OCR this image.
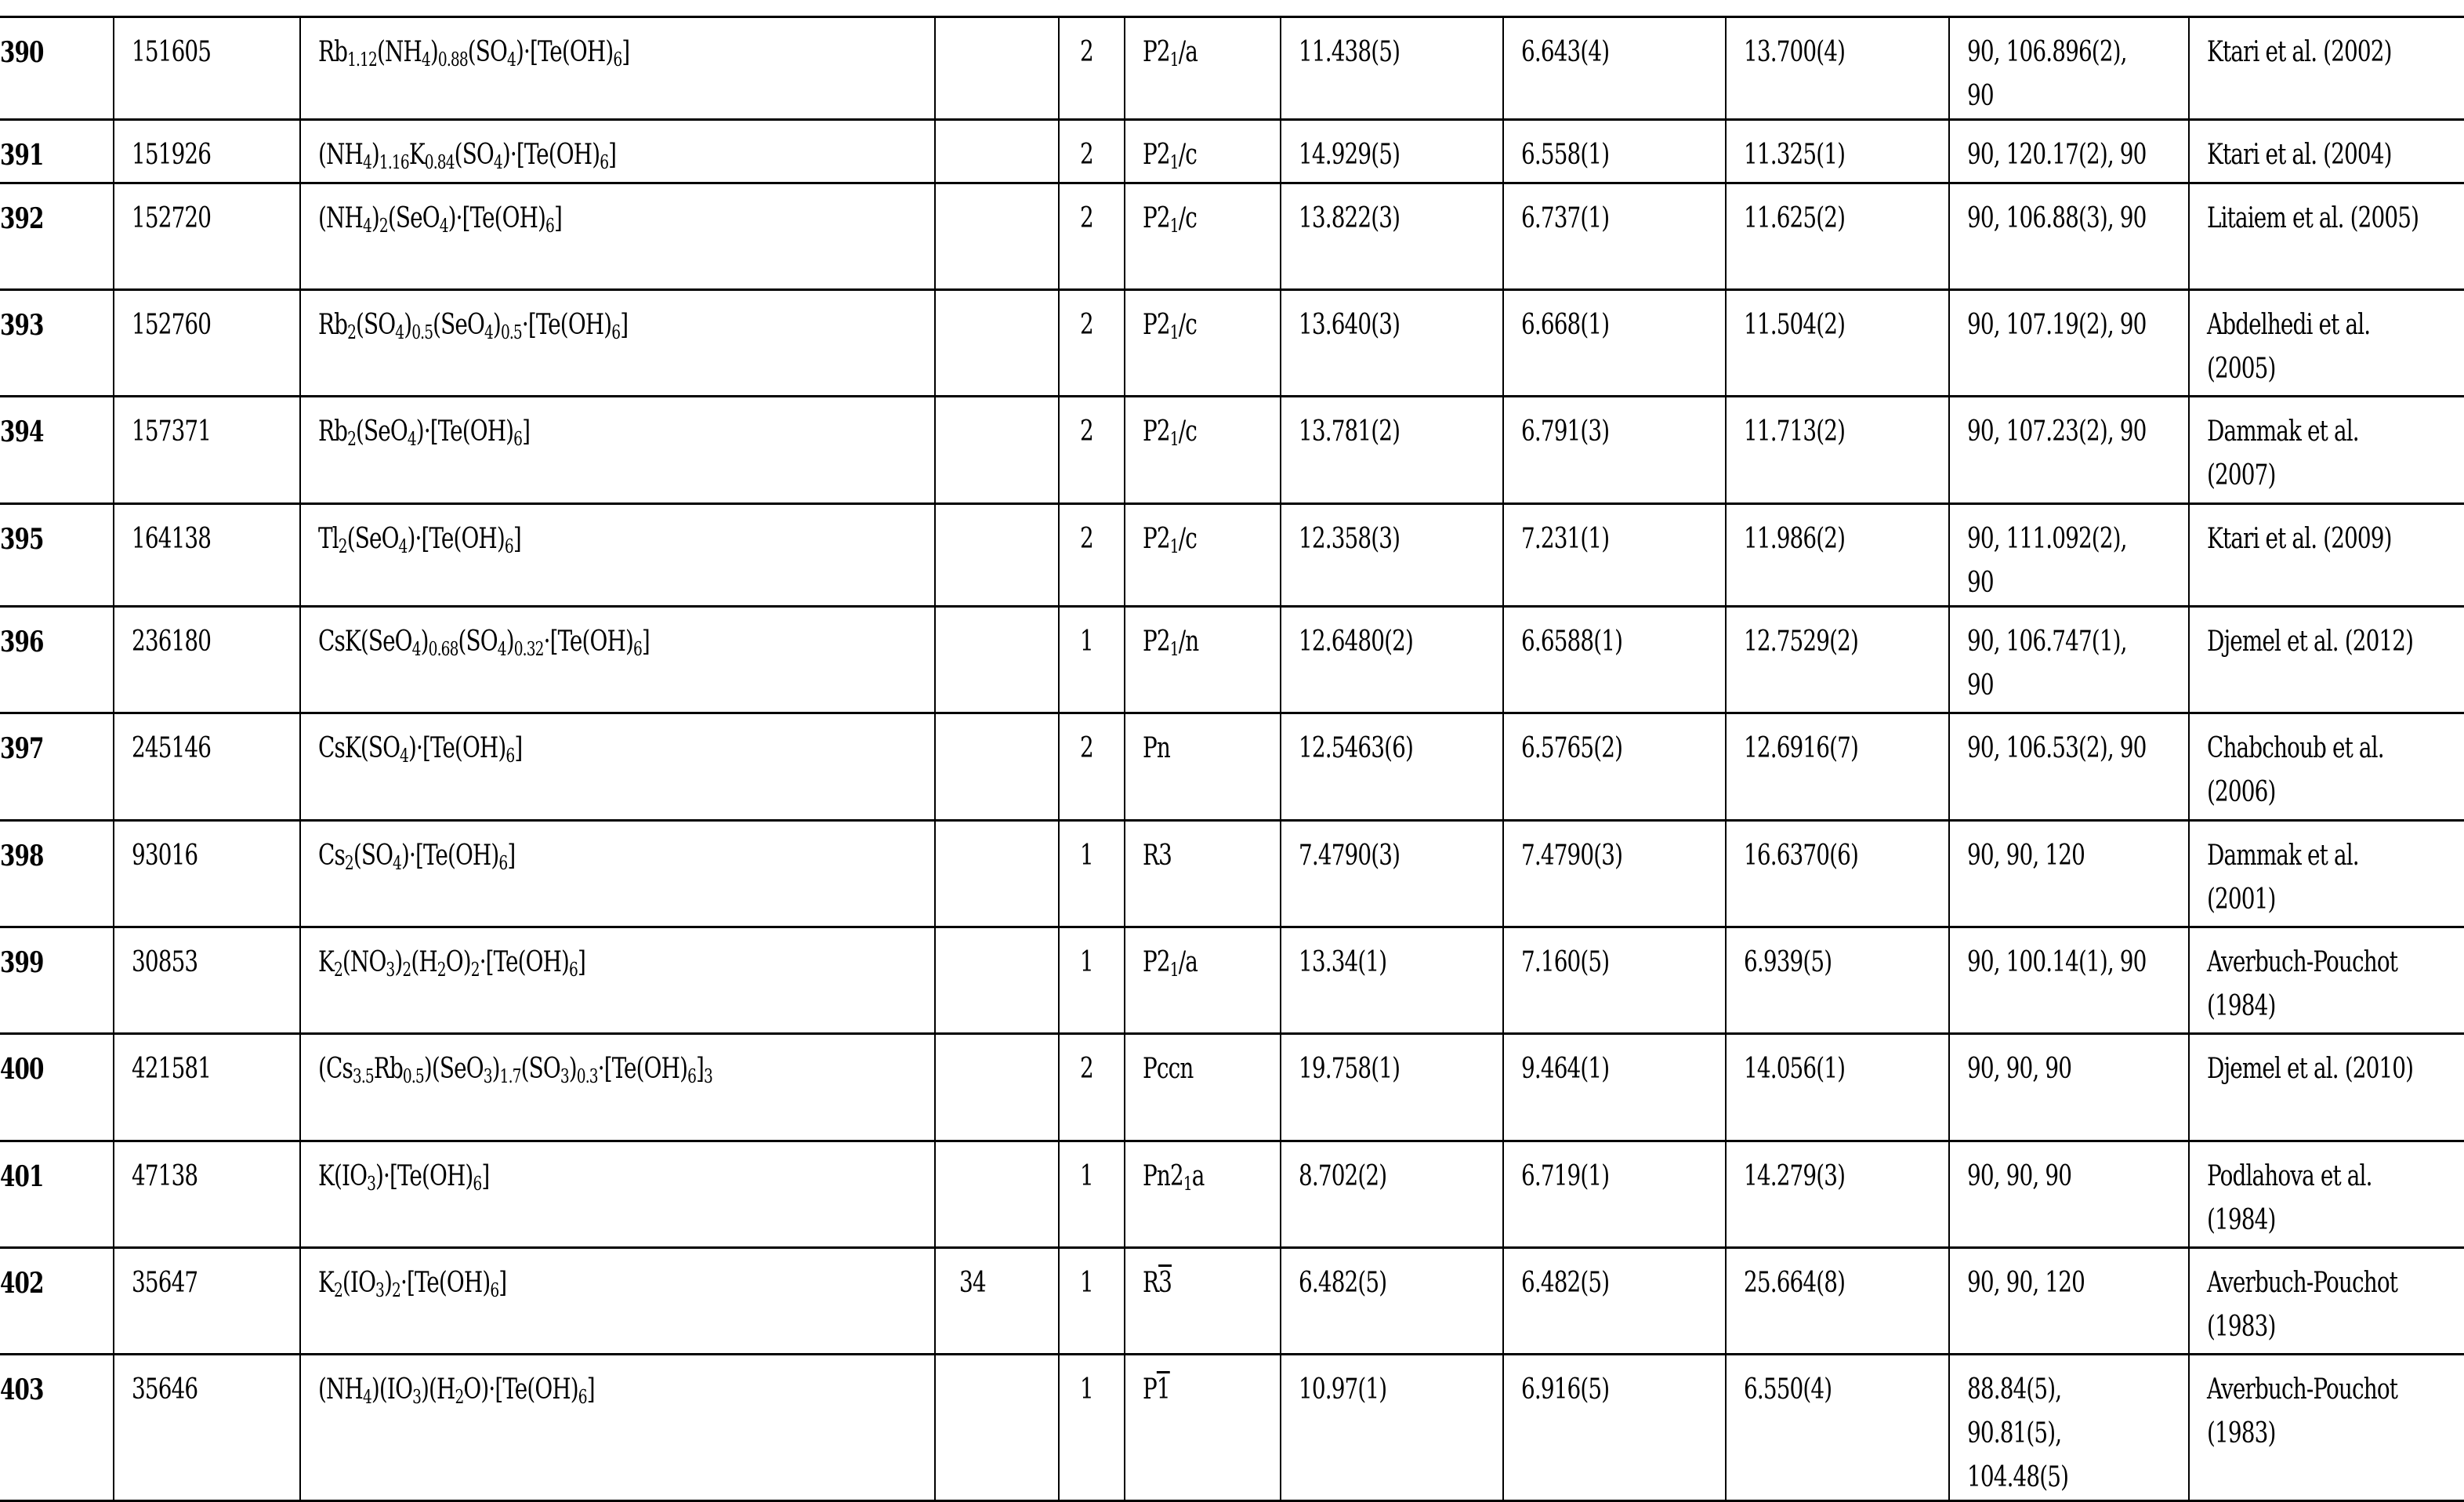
390	151605	$Rb_{1.12}(NH_4)_{0.88}(SO_4)\cdot[Te(OH)_6]$		2	$P2_1/a$	11.438(5)	6.643(4)	13.700(4)	90, 106.896(2), 90	Ktari et al. (2002)
391	151926	$(NH_4)_{1.16}K_{0.84}(SO_4)\cdot[Te(OH)_6]$		2	$P2_1/c$	14.929(5)	6.558(1)	11.325(1)	90, 120.17(2), 90	Ktari et al. (2004)
392	152720	$(NH_4)_2(SeO_4)\cdot[Te(OH)_6]$		2	$P2_1/c$	13.822(3)	6.737(1)	11.625(2)	90, 106.88(3), 90	Litaiem et al. (2005)
393	152760	$Rb_2(SO_4)_{0.5}(SeO_4)_{0.5}\cdot[Te(OH)_6]$		2	$P2_1/c$	13.640(3)	6.668(1)	11.504(2)	90, 107.19(2), 90	Abdelhedi et al. (2005)
394	157371	$Rb_2(SeO_4)\cdot[Te(OH)_6]$		2	$P2_1/c$	13.781(2)	6.791(3)	11.713(2)	90, 107.23(2), 90	Dammak et al. (2007)
395	164138	$Tl_2(SeO_4)\cdot[Te(OH)_6]$		2	$P2_1/c$	12.358(3)	7.231(1)	11.986(2)	90, 111.092(2), 90	Ktari et al. (2009)
396	236180	$CsK(SeO_4)_{0.68}(SO_4)_{0.32}\cdot[Te(OH)_6]$		1	$P2_1/n$	12.6480(2)	6.6588(1)	12.7529(2)	90, 106.747(1), 90	Djemel et al. (2012)
397	245146	$CsK(SO_4)\cdot[Te(OH)_6]$		2	Pn	12.5463(6)	6.5765(2)	12.6916(7)	90, 106.53(2), 90	Chabchoub et al. (2006)
398	93016	$Cs_2(SO_4)\cdot[Te(OH)_6]$		1	R3	7.4790(3)	7.4790(3)	16.6370(6)	90, 90, 120	Dammak et al. (2001)
399	30853	$K_2(NO_3)_2(H_2O)_2\cdot[Te(OH)_6]$		1	$P2_1/a$	13.34(1)	7.160(5)	6.939(5)	90, 100.14(1), 90	Averbuch-Pouchot (1984)
400	421581	$(Cs_{3.5}Rb_{0.5})(SeO_3)_{1.7}(SO_3)_{0.3}\cdot[Te(OH)_6]_3$		2	Pccn	19.758(1)	9.464(1)	14.056(1)	90, 90, 90	Djemel et al. (2010)
401	47138	$K(IO_3)\cdot[Te(OH)_6]$		1	$Pn2_1a$	8.702(2)	6.719(1)	14.279(3)	90, 90, 90	Podlahova et al. (1984)
402	35647	$K_2(IO_3)_2\cdot[Te(OH)_6]$	34	1	R3	6.482(5)	6.482(5)	25.664(8)	90, 90, 120	Averbuch-Pouchot (1983)
403	35646	$(NH_4)(IO_3)(H_2O)\cdot[Te(OH)_6]$		1	P1	10.97(1)	6.916(5)	6.550(4)	88.84(5), 90.81(5), 104.48(5)	Averbuch-Pouchot (1983)
